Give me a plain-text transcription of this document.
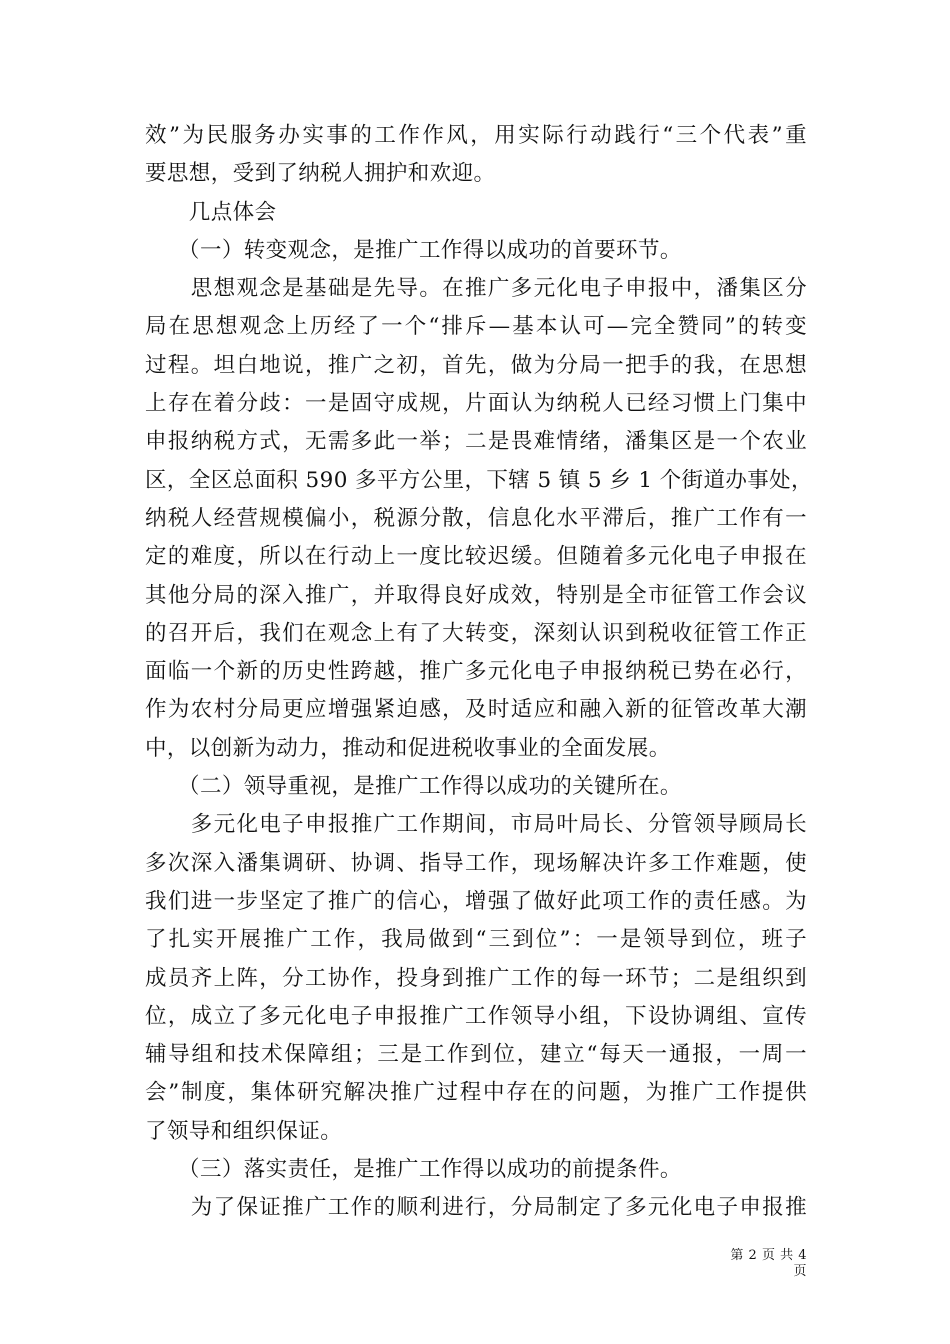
效”为民服务办实事的工作作风，用实际行动践行“三个代表”重
要思想，受到了纳税人拥护和欢迎。
　　几点体会
　　（一）转变观念，是推广工作得以成功的首要环节。
　　思想观念是基础是先导。在推广多元化电子申报中，潘集区分
局在思想观念上历经了一个“排斥—基本认可—完全赞同”的转变
过程。坦白地说，推广之初，首先，做为分局一把手的我，在思想
上存在着分歧：一是固守成规，片面认为纳税人已经习惯上门集中
申报纳税方式，无需多此一举；二是畏难情绪，潘集区是一个农业
区，全区总面积 590 多平方公里，下辖 5 镇 5 乡 1 个街道办事处，
纳税人经营规模偏小，税源分散，信息化水平滞后，推广工作有一
定的难度，所以在行动上一度比较迟缓。但随着多元化电子申报在
其他分局的深入推广，并取得良好成效，特别是全市征管工作会议
的召开后，我们在观念上有了大转变，深刻认识到税收征管工作正
面临一个新的历史性跨越，推广多元化电子申报纳税已势在必行，
作为农村分局更应增强紧迫感，及时适应和融入新的征管改革大潮
中，以创新为动力，推动和促进税收事业的全面发展。
　　（二）领导重视，是推广工作得以成功的关键所在。
　　多元化电子申报推广工作期间，市局叶局长、分管领导顾局长
多次深入潘集调研、协调、指导工作，现场解决许多工作难题，使
我们进一步坚定了推广的信心，增强了做好此项工作的责任感。为
了扎实开展推广工作，我局做到“三到位”：一是领导到位，班子
成员齐上阵，分工协作，投身到推广工作的每一环节；二是组织到
位，成立了多元化电子申报推广工作领导小组，下设协调组、宣传
辅导组和技术保障组；三是工作到位，建立“每天一通报，一周一
会”制度，集体研究解决推广过程中存在的问题，为推广工作提供
了领导和组织保证。
　　（三）落实责任，是推广工作得以成功的前提条件。
　　为了保证推广工作的顺利进行，分局制定了多元化电子申报推
第 2 页 共 4 页
